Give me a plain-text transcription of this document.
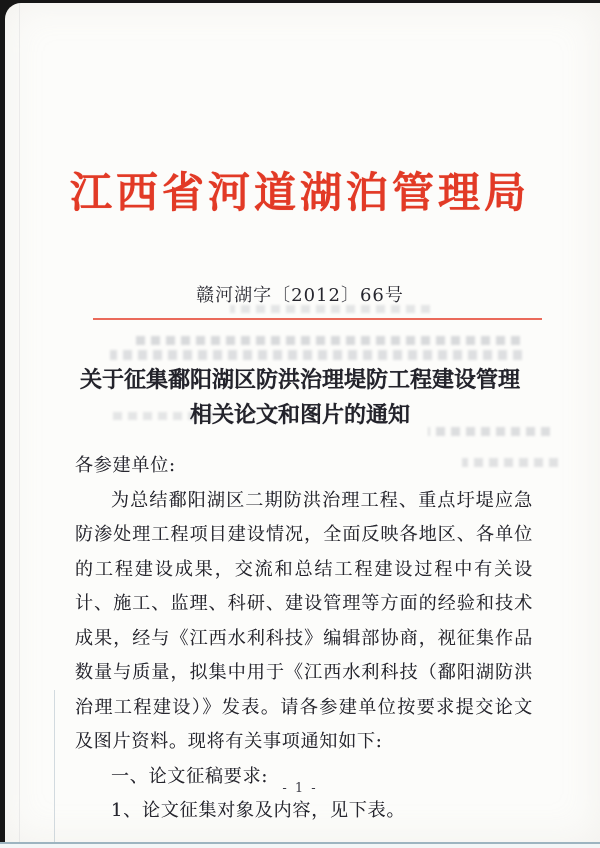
江西省河道湖泊管理局
赣河湖字〔2012〕66号
关于征集鄱阳湖区防洪治理堤防工程建设管理
相关论文和图片的通知

各参建单位:

为总结鄱阳湖区二期防洪治理工程、重点圩堤应急防渗处理工程项目建设情况，全面反映各地区、各单位的工程建设成果，交流和总结工程建设过程中有关设计、施工、监理、科研、建设管理等方面的经验和技术成果，经与《江西水利科技》编辑部协商，视征集作品数量与质量，拟集中用于《江西水利科技（鄱阳湖防洪治理工程建设）》发表。请各参建单位按要求提交论文及图片资料。现将有关事项通知如下:

一、论文征稿要求:

1、论文征集对象及内容，见下表。

- 1 -
